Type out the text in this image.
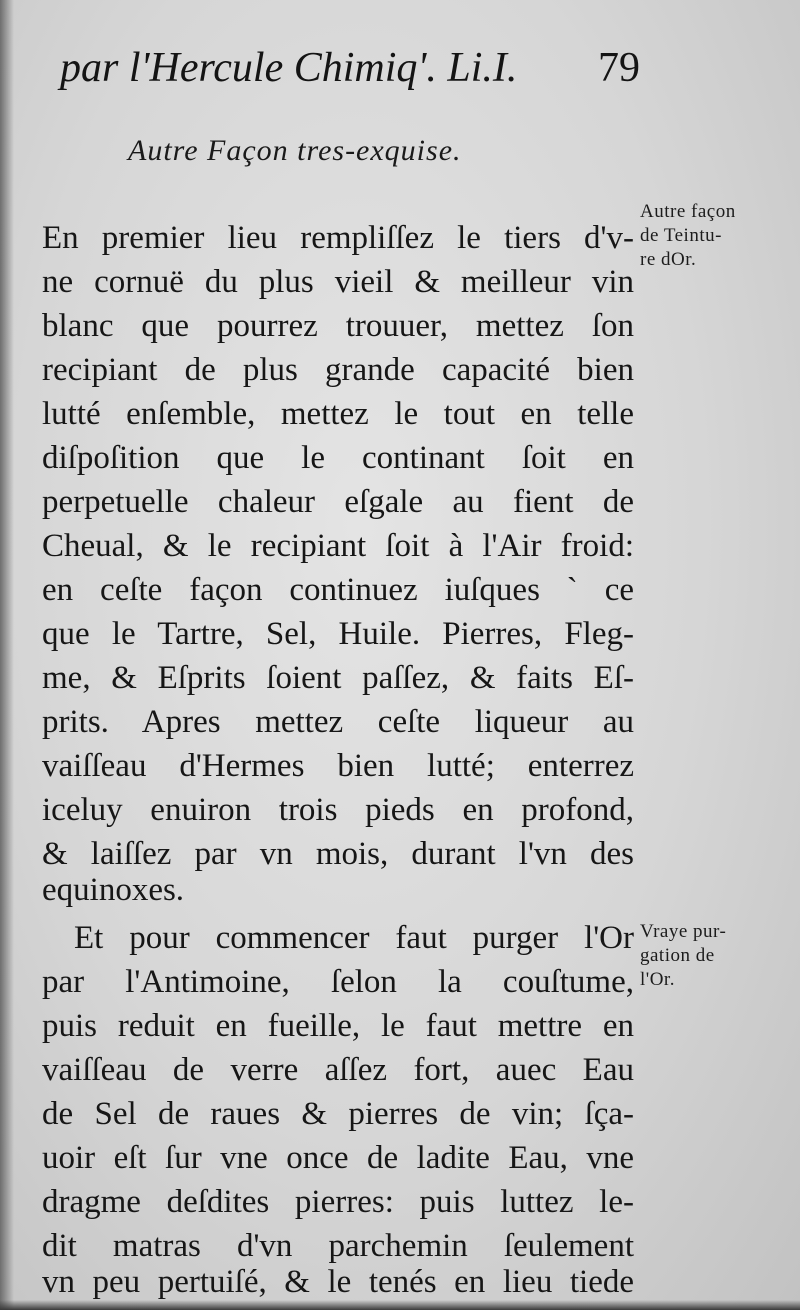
par l'Hercule Chimiq'. Li.I. 79
Autre Façon tres-exquise.
En premier lieu rempliſſez le tiers d'v-
ne cornuë du plus vieil & meilleur vin
blanc que pourrez trouuer, mettez ſon
recipiant de plus grande capacité bien
lutté enſemble, mettez le tout en telle
diſpoſition que le continant ſoit en
perpetuelle chaleur eſgale au fient de
Cheual, & le recipiant ſoit à l'Air froid:
en ceſte façon continuez iuſques ` ce
que le Tartre, Sel, Huile. Pierres, Fleg-
me, & Eſprits ſoient paſſez, & faits Eſ-
prits. Apres mettez ceſte liqueur au
vaiſſeau d'Hermes bien lutté; enterrez
iceluy enuiron trois pieds en profond,
& laiſſez par vn mois, durant l'vn des
equinoxes.
Et pour commencer faut purger l'Or
par l'Antimoine, ſelon la couſtume,
puis reduit en fueille, le faut mettre en
vaiſſeau de verre aſſez fort, auec Eau
de Sel de raues & pierres de vin; ſça-
uoir eſt ſur vne once de ladite Eau, vne
dragme deſdites pierres: puis luttez le-
dit matras d'vn parchemin ſeulement
vn peu pertuiſé, & le tenés en lieu tiede
Autre façon
de Teintu-
re dOr.
Vraye pur-
gation de
l'Or.
